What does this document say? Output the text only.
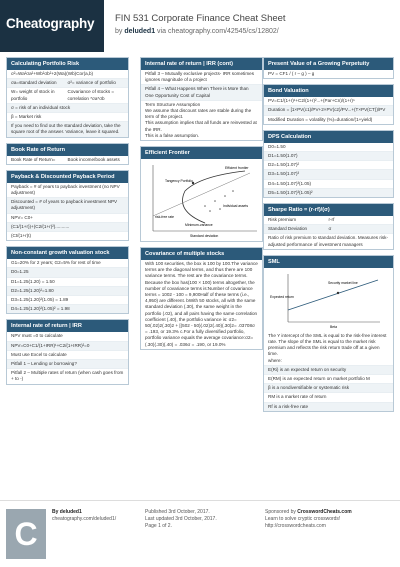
Cheatography FIN 531 Corporate Finance Cheat Sheet
by deluded1 via cheatography.com/42545/cs/12802/
Calculating Portfolio Risk
σ²=Wa²σa²+Wb²σb²+2(Wa)(Wb)Cor(a,b)
σa=standard deviation	σ²= variance of portfolio
W= weight of stock in portfolio
Covariance of stocks = correlation *σa*σb
σ = risk of an individual stock
β = Market risk
If you need to find out the standard deviation, take the square root of the answer. Variance, leave it squared.
Book Rate of Return
Book Rate of Return=	Book income/book assets
Payback & Discounted Payback Period
Payback = # of years to payback investment (no NPV adjustment)
Discounted = # of years to payback investment NPV adjustment)
NPV= C0+
(C1/(1+r))+(C2/(1+r)²)...........
(Ct/(1+r)t)
Non-constant growth valuation stock
G1=20% for 2 years; G2=5% for rest of time
D0=1.25
D1=1.25(1.20) = 1.50
D2=1.25(1.20)²=1.80
D3=1.25(1.20)²(1.05) = 1.89
D4=1.25(1.20)²(1.05)² = 1.98
Internal rate of return | IRR
NPV must =0 to calculate
NPV=C0+C1/(1+IRR)¹+C2/(1+IRR)²=0
Must use Excel to calculate
Pitfall 1 – Lending or borrowing?
Pitfall 2 – Multiple rates of return (when cash goes from + to -)
Internal rate of return | IRR (cont)
Pitfall 3 – Mutually exclusive projects- IRR sometimes ignores magnitude of a project
Pitfall 4 – What Happens When There is More than One Opportunity Cost of Capital
Term Structure Assumption
We assume that discount rates are stable during the term of the project.
This assumption implies that all funds are reinvested at the IRR.
This is a false assumption.
Efficient Frontier
Tangency Portfolio
Efficient frontier
Individual assets
Minimum-variance
risk-free rate
Standard deviation
Covariance of multiple stocks
With 100 securities, the box is 100 by 100.The variance terms are the diagonal terms, and thus there are 100 variance terms. The rest are the covariance terms. Because the box has(100 × 100) terms altogether, the number of covariance terms is:Number of covariance terms = 1002 - 100 = 9,900Half of these terms (i.e., 4,950) are different. bWith 50 stocks, all with the same standard deviation (.30), the same weight in the portfolio (.02), and all pairs having the same correlation coefficient (.40), the portfolio variance is: σ2= 50(.02)2(.30)2 + [(502 - 50)(.02)2(.40)(.30)2= .03708σ = .193, or 19.3% c.For a fully diversified portfolio, portfolio variance equals the average covariance:σ2= (.30)(.30)(.40) = .036σ = .190, or 19.0%
Present Value of a Growing Perpetuity
PV = CF1 / ( r – g ) – g
Bond Valuation
PV=C1/(1+r)¹+C2/(1+r)²...+(Par+Cn)/(1+r)ⁿ
Duration = [1×PV(c1)/PV+2×PV(c2)/PV...+(T×PV(CT))/PV
Modified Duration = volatility (%)=duration/(1+yield)
DPS Calculation
D0=1.50
D1=1.50(1.07)
D2=1.50(1.07)²
D3=1.50(1.07)³
D4=1.50(1.07)³(1.05)
D5=1.50(1.07)³(1.05)²
Sharpe Ratio = (r-rf)/(σ)
Risk premium	r-rf
Standard Deviation	σ
Ratio of risk premium to standard deviation. Measures risk-adjusted performance of investment managers
SML
Security market line
Expected return
Beta
The Y intercept of the SML is equal to the risk-free interest rate. The slope of the SML is equal to the market risk premium and reflects the risk return trade off at a given time.
where:
E(Ri) is an expected return on security
E(RM) is an expected return on market portfolio M
β is a nondiversifiable or systematic risk
RM is a market rate of return
Rf is a risk-free rate
C
By deluded1
cheatography.com/deluded1/
Published 3rd October, 2017.
Last updated 3rd October, 2017.
Page 1 of 2.
Sponsored by CrosswordCheats.com
Learn to solve cryptic crosswords!
http://crosswordcheats.com
